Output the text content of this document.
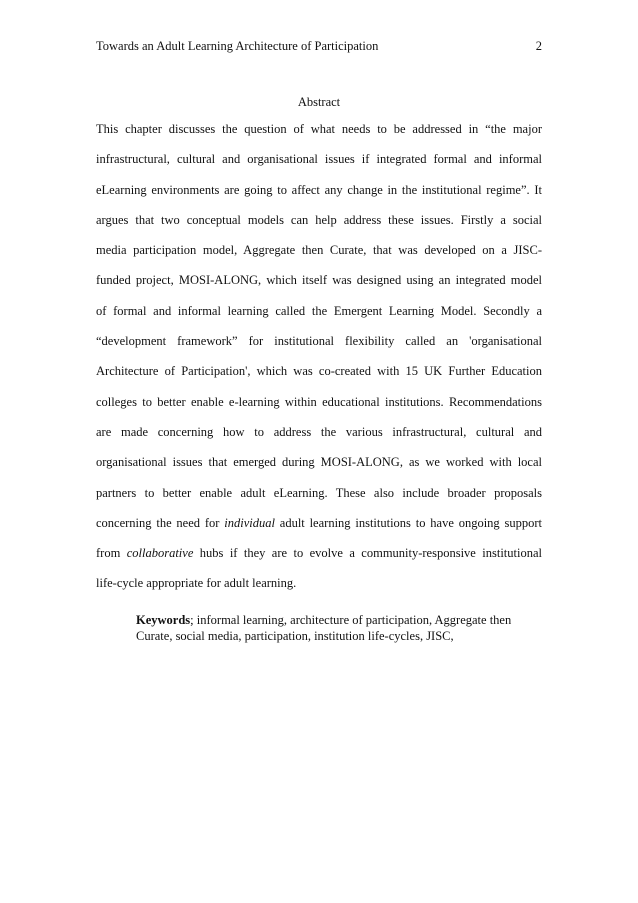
Towards an Adult Learning Architecture of Participation	2
Abstract
This chapter discusses the question of what needs to be addressed in “the major
infrastructural, cultural and organisational issues if integrated formal and informal
eLearning environments are going to affect any change in the institutional regime”. It
argues that two conceptual models can help address these issues. Firstly a social
media participation model, Aggregate then Curate, that was developed on a JISC-
funded project, MOSI-ALONG, which itself was designed using an integrated model
of formal and informal learning called the Emergent Learning Model. Secondly a
“development framework” for institutional flexibility called an 'organisational
Architecture of Participation', which was co-created with 15 UK Further Education
colleges to better enable e-learning within educational institutions. Recommendations
are made concerning how to address the various infrastructural, cultural and
organisational issues that emerged during MOSI-ALONG, as we worked with local
partners to better enable adult eLearning. These also include broader proposals
concerning the need for individual adult learning institutions to have ongoing support
from collaborative hubs if they are to evolve a community-responsive institutional
life-cycle appropriate for adult learning.
Keywords; informal learning, architecture of participation, Aggregate then
Curate, social media, participation, institution life-cycles, JISC,
